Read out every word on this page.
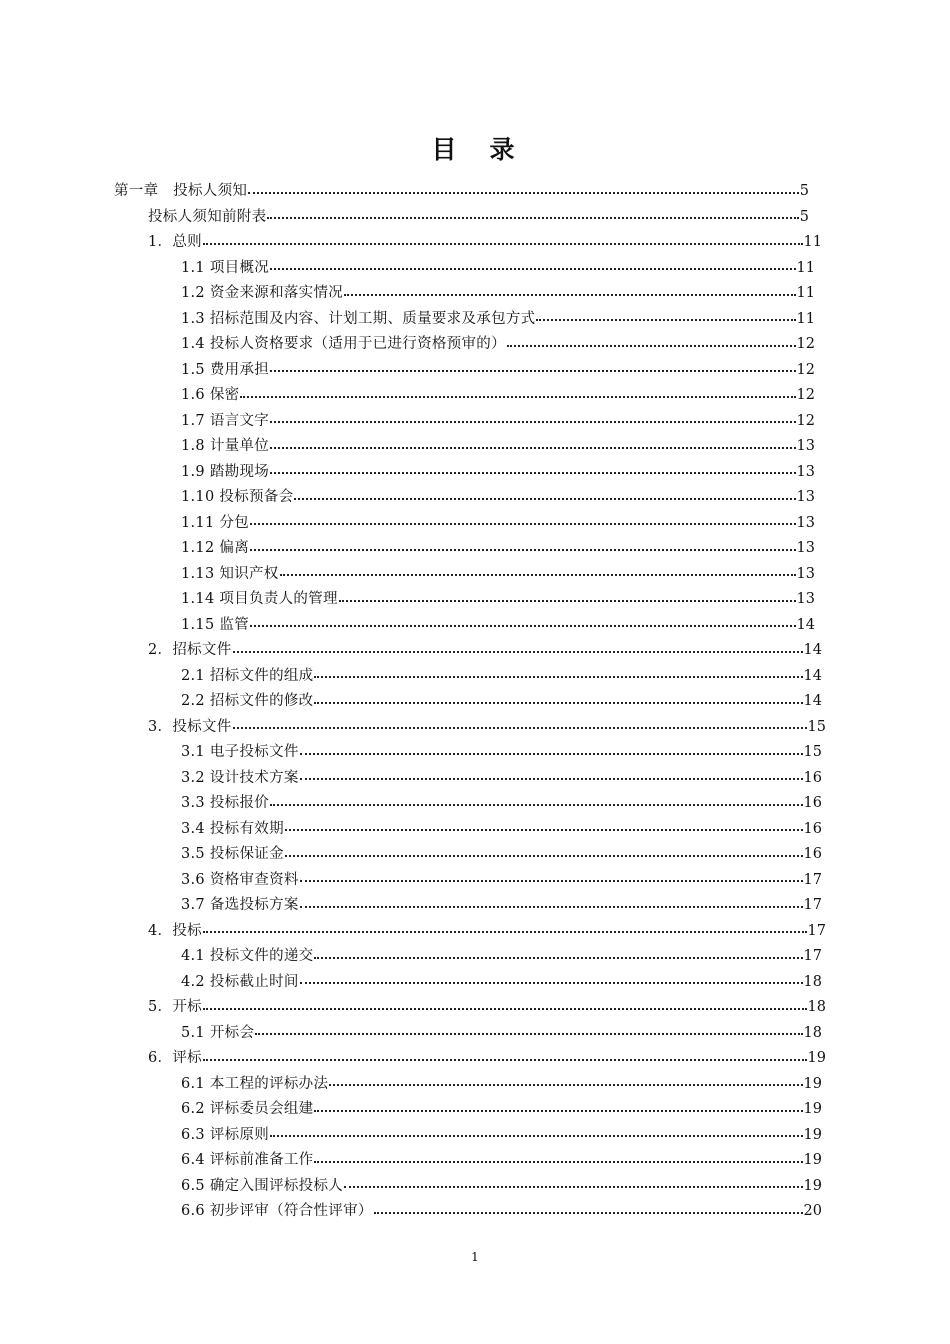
目　录
第一章　投标人须知	5
投标人须知前附表	5
1．总则	11
1.1 项目概况	11
1.2 资金来源和落实情况	11
1.3 招标范围及内容、计划工期、质量要求及承包方式	11
1.4 投标人资格要求（适用于已进行资格预审的）	12
1.5 费用承担	12
1.6 保密	12
1.7 语言文字	12
1.8 计量单位	13
1.9 踏勘现场	13
1.10 投标预备会	13
1.11 分包	13
1.12 偏离	13
1.13 知识产权	13
1.14 项目负责人的管理	13
1.15 监管	14
2．招标文件	14
2.1 招标文件的组成	14
2.2 招标文件的修改	14
3．投标文件	15
3.1 电子投标文件	15
3.2 设计技术方案	16
3.3 投标报价	16
3.4 投标有效期	16
3.5 投标保证金	16
3.6 资格审查资料	17
3.7 备选投标方案	17
4．投标	17
4.1 投标文件的递交	17
4.2 投标截止时间	18
5．开标	18
5.1 开标会	18
6．评标	19
6.1 本工程的评标办法	19
6.2 评标委员会组建	19
6.3 评标原则	19
6.4 评标前准备工作	19
6.5 确定入围评标投标人	19
6.6 初步评审（符合性评审）	20
1
